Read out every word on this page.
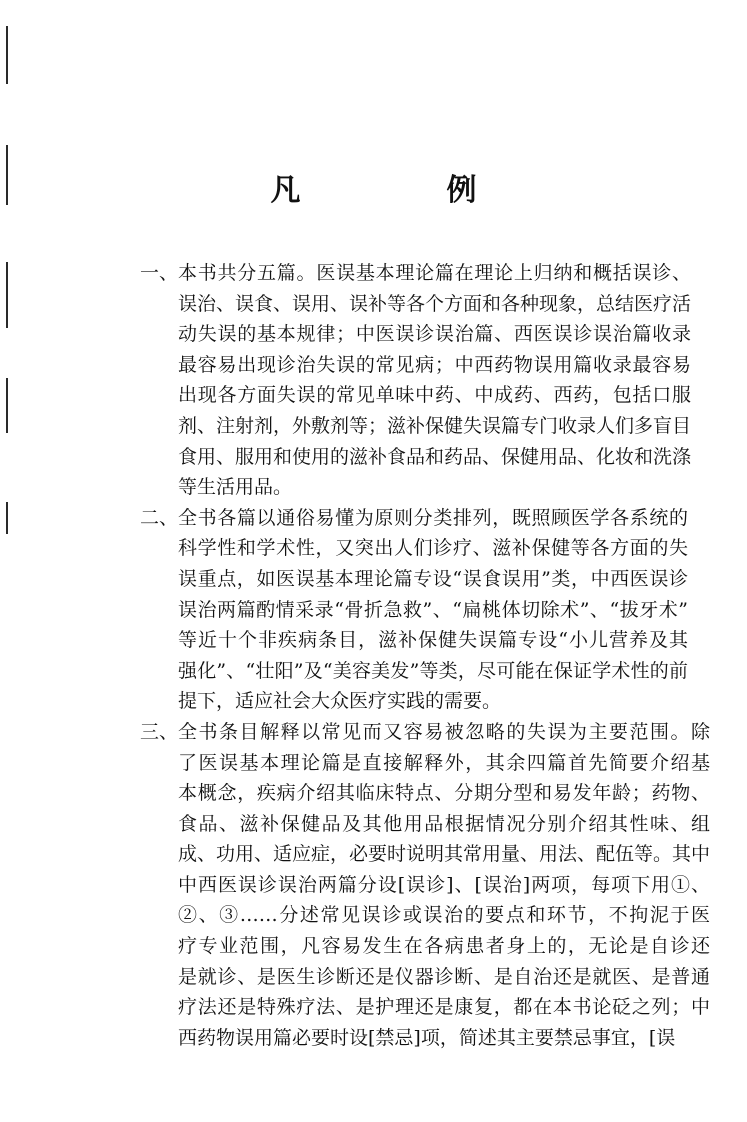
凡　例
一、 本书共分五篇。医误基本理论篇在理论上归纳和概括误诊、
误治、误食、误用、误补等各个方面和各种现象，总结医疗活
动失误的基本规律；中医误诊误治篇、西医误诊误治篇收录
最容易出现诊治失误的常见病；中西药物误用篇收录最容易
出现各方面失误的常见单味中药、中成药、西药，包括口服
剂、注射剂，外敷剂等；滋补保健失误篇专门收录人们多盲目
食用、服用和使用的滋补食品和药品、保健用品、化妆和洗涤
等生活用品。
二、 全书各篇以通俗易懂为原则分类排列，既照顾医学各系统的
科学性和学术性，又突出人们诊疗、滋补保健等各方面的失
误重点，如医误基本理论篇专设“误食误用”类，中西医误诊
误治两篇酌情采录“骨折急救”、“扁桃体切除术”、“拔牙术”
等近十个非疾病条目，滋补保健失误篇专设“小儿营养及其
强化”、“壮阳”及“美容美发”等类，尽可能在保证学术性的前
提下，适应社会大众医疗实践的需要。
三、 全书条目解释以常见而又容易被忽略的失误为主要范围。除
了医误基本理论篇是直接解释外，其余四篇首先简要介绍基
本概念，疾病介绍其临床特点、分期分型和易发年龄；药物、
食品、滋补保健品及其他用品根据情况分别介绍其性味、组
成、功用、适应症，必要时说明其常用量、用法、配伍等。其中
中西医误诊误治两篇分设[误诊]、[误治]两项，每项下用①、
②、③……分述常见误诊或误治的要点和环节，不拘泥于医
疗专业范围，凡容易发生在各病患者身上的，无论是自诊还
是就诊、是医生诊断还是仪器诊断、是自治还是就医、是普通
疗法还是特殊疗法、是护理还是康复，都在本书论砭之列；中
西药物误用篇必要时设[禁忌]项，简述其主要禁忌事宜，[误
